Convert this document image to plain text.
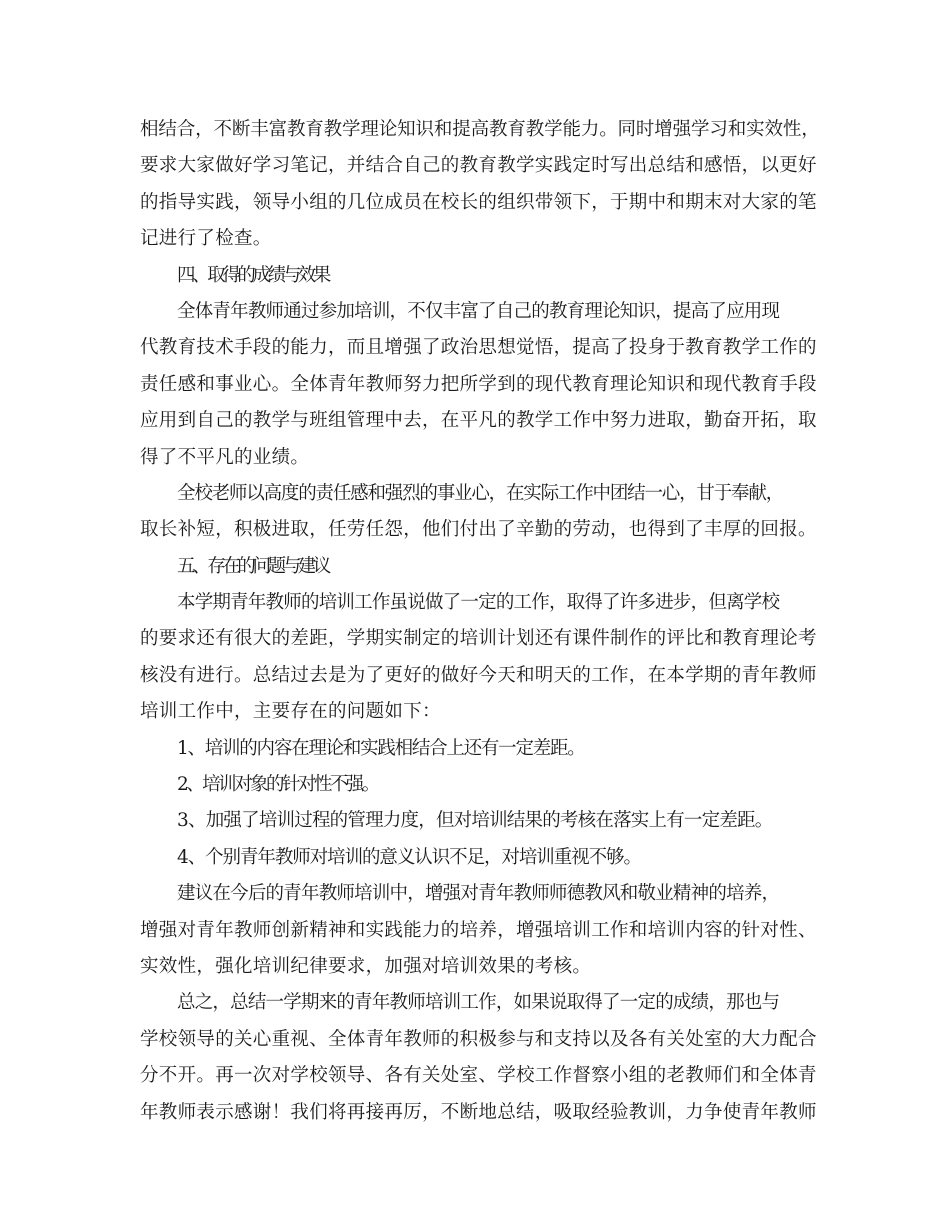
相结合，不断丰富教育教学理论知识和提高教育教学能力。同时增强学习和实效性，
要求大家做好学习笔记，并结合自己的教育教学实践定时写出总结和感悟，以更好
的指导实践，领导小组的几位成员在校长的组织带领下，于期中和期末对大家的笔
记进行了检查。
四、取得的成绩与效果
全体青年教师通过参加培训，不仅丰富了自己的教育理论知识，提高了应用现
代教育技术手段的能力，而且增强了政治思想觉悟，提高了投身于教育教学工作的
责任感和事业心。全体青年教师努力把所学到的现代教育理论知识和现代教育手段
应用到自己的教学与班组管理中去，在平凡的教学工作中努力进取，勤奋开拓，取
得了不平凡的业绩。
全校老师以高度的责任感和强烈的事业心，在实际工作中团结一心，甘于奉献，
取长补短，积极进取，任劳任怨，他们付出了辛勤的劳动，也得到了丰厚的回报。
五、存在的问题与建议
本学期青年教师的培训工作虽说做了一定的工作，取得了许多进步，但离学校
的要求还有很大的差距，学期实制定的培训计划还有课件制作的评比和教育理论考
核没有进行。总结过去是为了更好的做好今天和明天的工作，在本学期的青年教师
培训工作中，主要存在的问题如下：
1、培训的内容在理论和实践相结合上还有一定差距。
2、培训对象的针对性不强。
3、加强了培训过程的管理力度，但对培训结果的考核在落实上有一定差距。
4、个别青年教师对培训的意义认识不足，对培训重视不够。
建议在今后的青年教师培训中，增强对青年教师师德教风和敬业精神的培养，
增强对青年教师创新精神和实践能力的培养，增强培训工作和培训内容的针对性、
实效性，强化培训纪律要求，加强对培训效果的考核。
总之，总结一学期来的青年教师培训工作，如果说取得了一定的成绩，那也与
学校领导的关心重视、全体青年教师的积极参与和支持以及各有关处室的大力配合
分不开。再一次对学校领导、各有关处室、学校工作督察小组的老教师们和全体青
年教师表示感谢！我们将再接再厉，不断地总结，吸取经验教训，力争使青年教师
